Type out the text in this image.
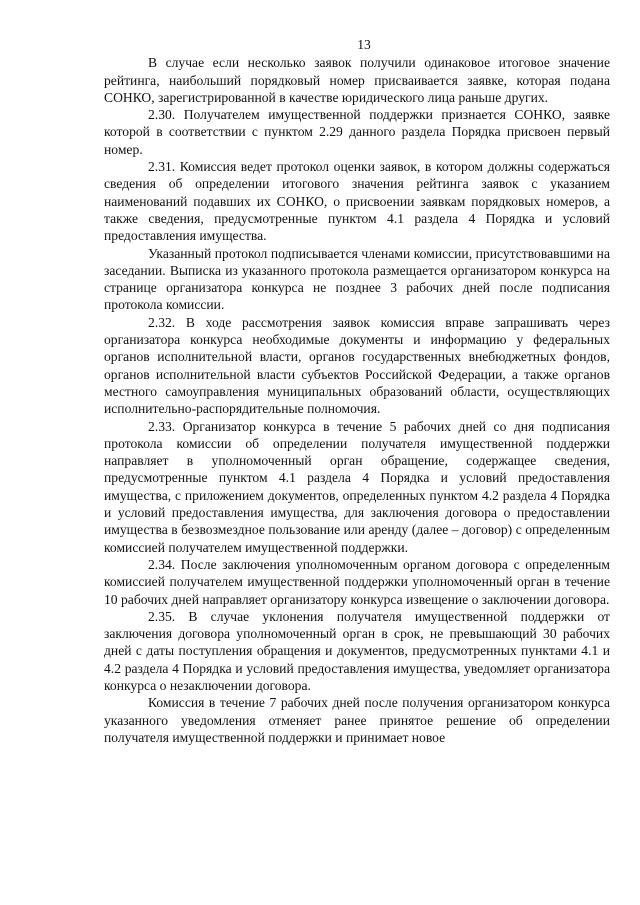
13

В случае если несколько заявок получили одинаковое итоговое значение рейтинга, наибольший порядковый номер присваивается заявке, которая подана СОНКО, зарегистрированной в качестве юридического лица раньше других.

2.30. Получателем имущественной поддержки признается СОНКО, заявке которой в соответствии с пунктом 2.29 данного раздела Порядка присвоен первый номер.

2.31. Комиссия ведет протокол оценки заявок, в котором должны содержаться сведения об определении итогового значения рейтинга заявок с указанием наименований подавших их СОНКО, о присвоении заявкам порядковых номеров, а также сведения, предусмотренные пунктом 4.1 раздела 4 Порядка и условий предоставления имущества.

Указанный протокол подписывается членами комиссии, присутствовавшими на заседании. Выписка из указанного протокола размещается организатором конкурса на странице организатора конкурса не позднее 3 рабочих дней после подписания протокола комиссии.

2.32. В ходе рассмотрения заявок комиссия вправе запрашивать через организатора конкурса необходимые документы и информацию у федеральных органов исполнительной власти, органов государственных внебюджетных фондов, органов исполнительной власти субъектов Российской Федерации, а также органов местного самоуправления муниципальных образований области, осуществляющих исполнительно-распорядительные полномочия.

2.33. Организатор конкурса в течение 5 рабочих дней со дня подписания протокола комиссии об определении получателя имущественной поддержки направляет в уполномоченный орган обращение, содержащее сведения, предусмотренные пунктом 4.1 раздела 4 Порядка и условий предоставления имущества, с приложением документов, определенных пунктом 4.2 раздела 4 Порядка и условий предоставления имущества, для заключения договора о предоставлении имущества в безвозмездное пользование или аренду (далее – договор) с определенным комиссией получателем имущественной поддержки.

2.34. После заключения уполномоченным органом договора с определенным комиссией получателем имущественной поддержки уполномоченный орган в течение 10 рабочих дней направляет организатору конкурса извещение о заключении договора.

2.35. В случае уклонения получателя имущественной поддержки от заключения договора уполномоченный орган в срок, не превышающий 30 рабочих дней с даты поступления обращения и документов, предусмотренных пунктами 4.1 и 4.2 раздела 4 Порядка и условий предоставления имущества, уведомляет организатора конкурса о незаключении договора.

Комиссия в течение 7 рабочих дней после получения организатором конкурса указанного уведомления отменяет ранее принятое решение об определении получателя имущественной поддержки и принимает новое
